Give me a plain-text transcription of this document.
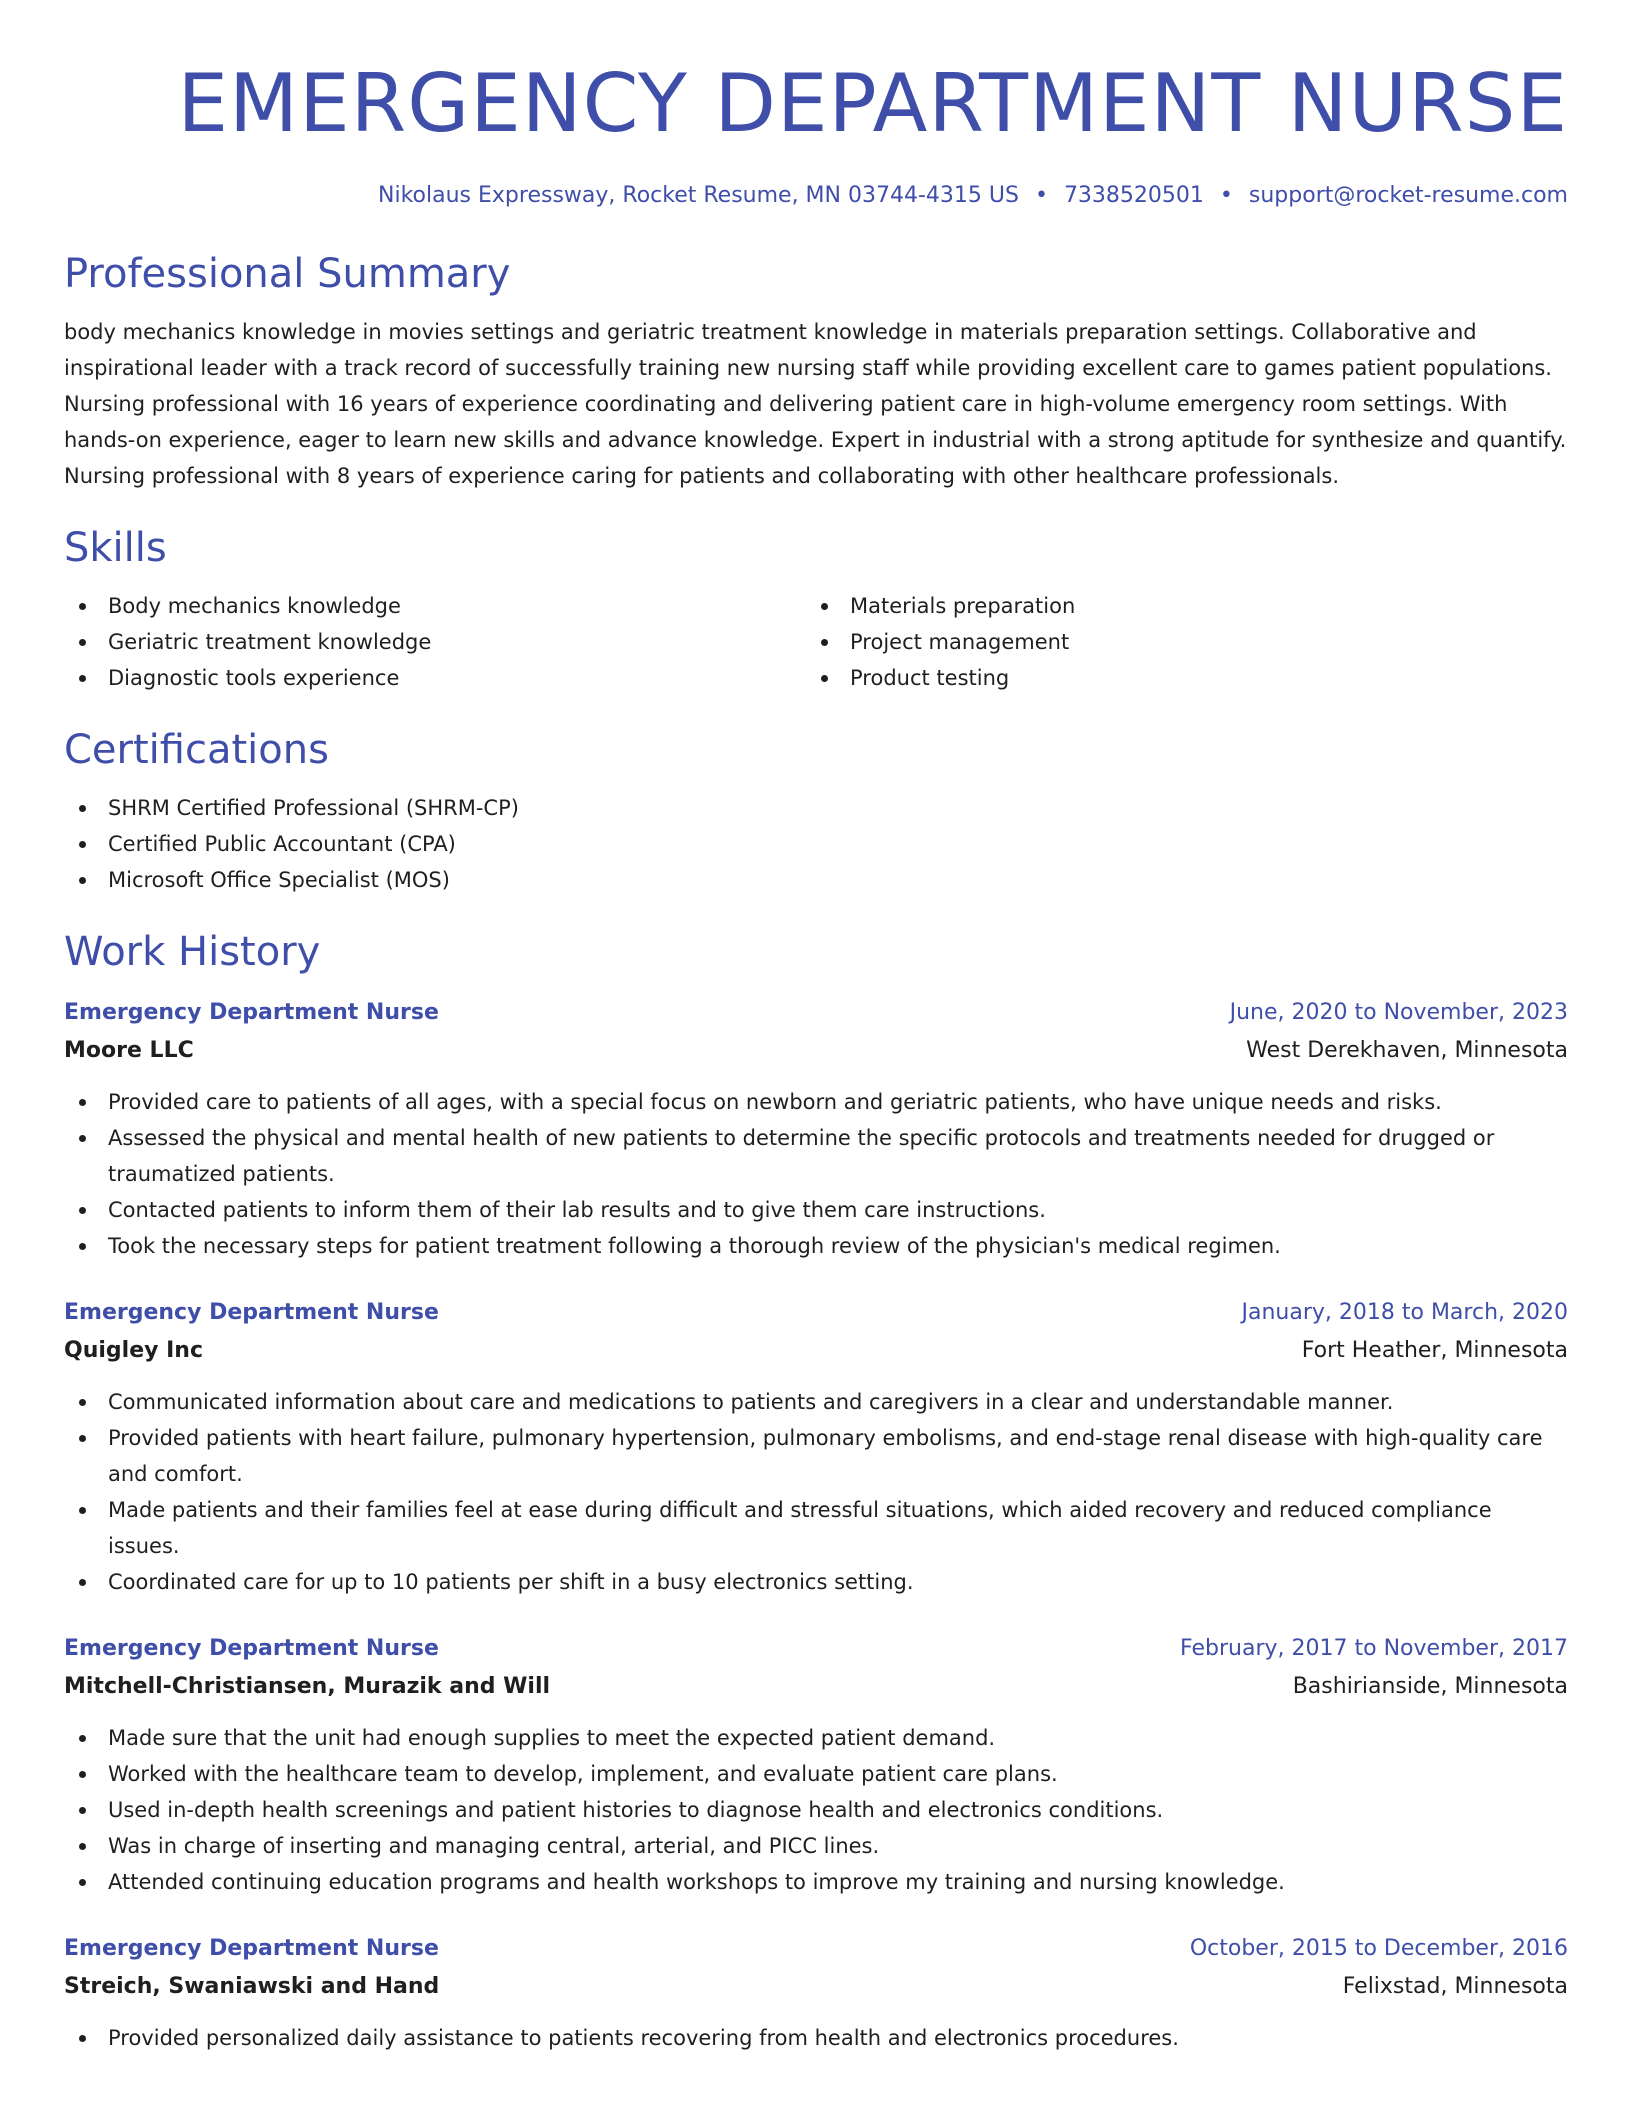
EMERGENCY DEPARTMENT NURSE
Nikolaus Expressway, Rocket Resume, MN 03744-4315 US • 7338520501 • support@rocket-resume.com
Professional Summary

body mechanics knowledge in movies settings and geriatric treatment knowledge in materials preparation settings. Collaborative and inspirational leader with a track record of successfully training new nursing staff while providing excellent care to games patient populations. Nursing professional with 16 years of experience coordinating and delivering patient care in high-volume emergency room settings. With hands-on experience, eager to learn new skills and advance knowledge. Expert in industrial with a strong aptitude for synthesize and quantify. Nursing professional with 8 years of experience caring for patients and collaborating with other healthcare professionals.

Skills
Body mechanics knowledge
Geriatric treatment knowledge
Diagnostic tools experience
Materials preparation
Project management
Product testing
Certifications
SHRM Certified Professional (SHRM-CP)
Certified Public Accountant (CPA)
Microsoft Office Specialist (MOS)
Work History
Emergency Department Nurse	June, 2020 to November, 2023
Moore LLC	West Derekhaven, Minnesota
Provided care to patients of all ages, with a special focus on newborn and geriatric patients, who have unique needs and risks.
Assessed the physical and mental health of new patients to determine the specific protocols and treatments needed for drugged or traumatized patients.
Contacted patients to inform them of their lab results and to give them care instructions.
Took the necessary steps for patient treatment following a thorough review of the physician's medical regimen.
Emergency Department Nurse	January, 2018 to March, 2020
Quigley Inc	Fort Heather, Minnesota
Communicated information about care and medications to patients and caregivers in a clear and understandable manner.
Provided patients with heart failure, pulmonary hypertension, pulmonary embolisms, and end-stage renal disease with high-quality care and comfort.
Made patients and their families feel at ease during difficult and stressful situations, which aided recovery and reduced compliance issues.
Coordinated care for up to 10 patients per shift in a busy electronics setting.
Emergency Department Nurse	February, 2017 to November, 2017
Mitchell-Christiansen, Murazik and Will	Bashirianside, Minnesota
Made sure that the unit had enough supplies to meet the expected patient demand.
Worked with the healthcare team to develop, implement, and evaluate patient care plans.
Used in-depth health screenings and patient histories to diagnose health and electronics conditions.
Was in charge of inserting and managing central, arterial, and PICC lines.
Attended continuing education programs and health workshops to improve my training and nursing knowledge.
Emergency Department Nurse	October, 2015 to December, 2016
Streich, Swaniawski and Hand	Felixstad, Minnesota
Provided personalized daily assistance to patients recovering from health and electronics procedures.
